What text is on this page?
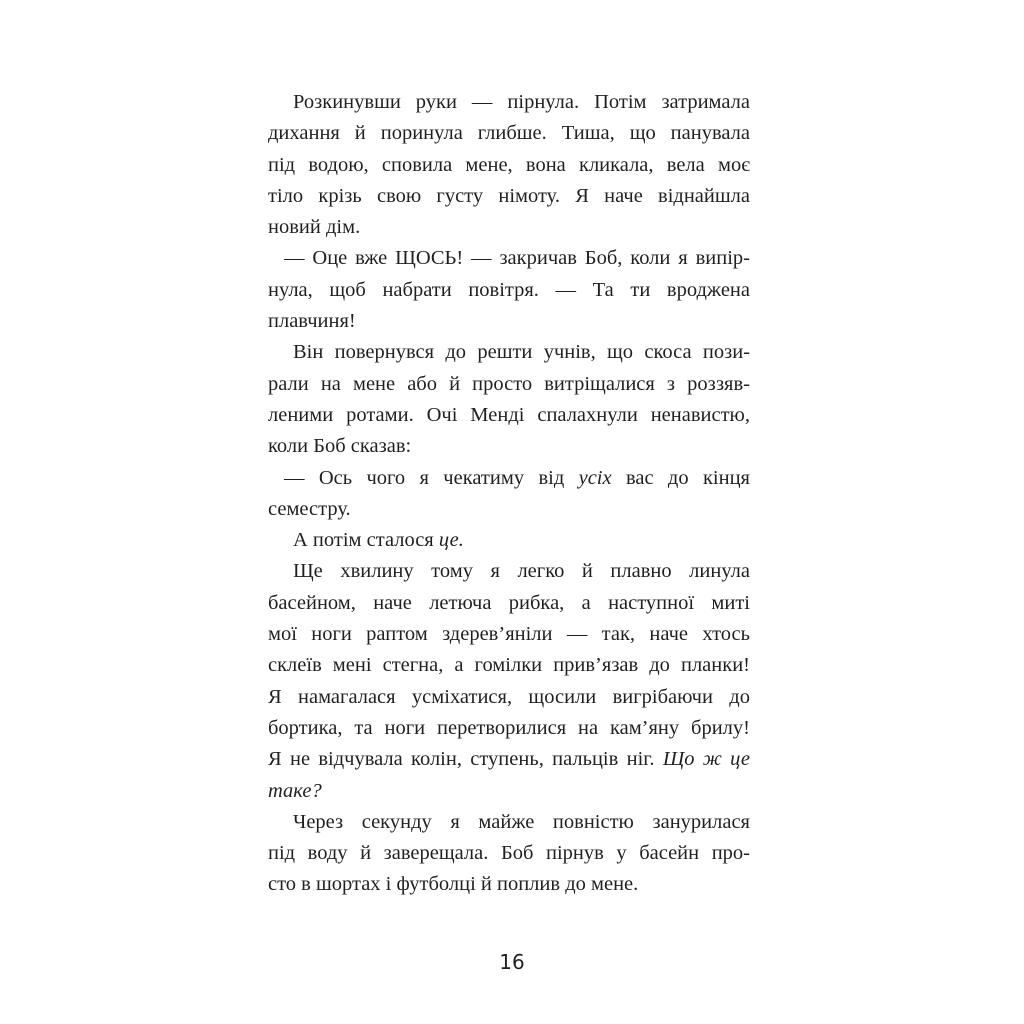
Розкинувши руки — пірнула. Потім затримала
дихання й поринула глибше. Тиша, що панувала
під водою, сповила мене, вона кликала, вела моє
тіло крізь свою густу німоту. Я наче віднайшла
новий дім.
— Оце вже ЩОСЬ! — закричав Боб, коли я випір-
нула, щоб набрати повітря. — Та ти вроджена
плавчиня!
Він повернувся до решти учнів, що скоса пози-
рали на мене або й просто витріщалися з роззяв-
леними ротами. Очі Менді спалахнули ненавистю,
коли Боб сказав:
— Ось чого я чекатиму від усіх вас до кінця
семестру.
А потім сталося це.
Ще хвилину тому я легко й плавно линула
басейном, наче летюча рибка, а наступної миті
мої ноги раптом здерев’яніли — так, наче хтось
склеїв мені стегна, а гомілки прив’язав до планки!
Я намагалася усміхатися, щосили вигрібаючи до
бортика, та ноги перетворилися на кам’яну брилу!
Я не відчувала колін, ступень, пальців ніг. Що ж це
таке?
Через секунду я майже повністю занурилася
під воду й заверещала. Боб пірнув у басейн про-
сто в шортах і футболці й поплив до мене.
16
